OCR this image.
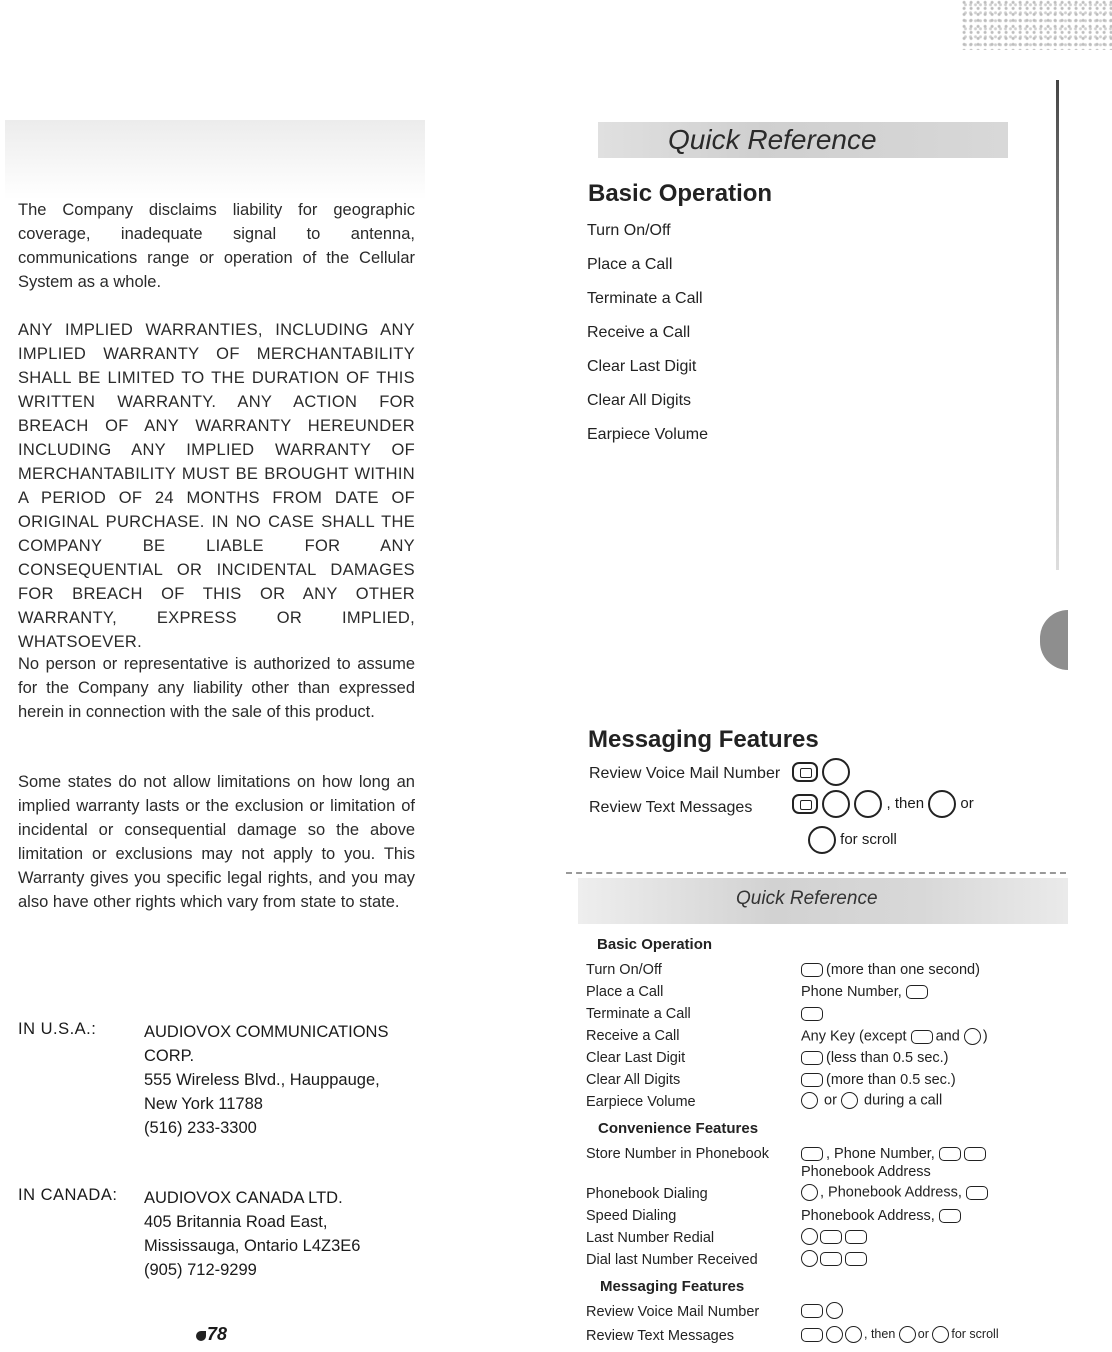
The Company disclaims liability for geographic coverage, inadequate signal to antenna, communications range or operation of the Cellular System as a whole.
ANY IMPLIED WARRANTIES, INCLUDING ANY IMPLIED WARRANTY OF MERCHANTABILITY SHALL BE LIMITED TO THE DURATION OF THIS WRITTEN WARRANTY. ANY ACTION FOR BREACH OF ANY WARRANTY HEREUNDER INCLUDING ANY IMPLIED WARRANTY OF MERCHANTABILITY MUST BE BROUGHT WITHIN A PERIOD OF 24 MONTHS FROM DATE OF ORIGINAL PURCHASE. IN NO CASE SHALL THE COMPANY BE LIABLE FOR ANY CONSEQUENTIAL OR INCIDENTAL DAMAGES FOR BREACH OF THIS OR ANY OTHER WARRANTY, EXPRESS OR IMPLIED, WHATSOEVER.
No person or representative is authorized to assume for the Company any liability other than expressed herein in connection with the sale of this product.
Some states do not allow limitations on how long an implied warranty lasts or the exclusion or limitation of incidental or consequential damage so the above limitation or exclusions may not apply to you. This Warranty gives you specific legal rights, and you may also have other rights which vary from state to state.
IN U.S.A.:	AUDIOVOX COMMUNICATIONS
CORP.
555 Wireless Blvd., Hauppauge,
New York 11788
(516) 233-3300
IN CANADA: AUDIOVOX CANADA LTD.
405 Britannia Road East,
Mississauga, Ontario L4Z3E6
(905) 712-9299
78
Quick Reference
Basic Operation
Turn On/Off
Place a Call
Terminate a Call
Receive a Call
Clear Last Digit
Clear All Digits
Earpiece Volume
Messaging Features
Review Voice Mail Number

Review Text Messages	, then or
for scroll
Quick Reference
Basic Operation
Turn On/Off	(more than one second)
Place a Call	Phone Number,
Terminate a Call
Receive a Call	Any Key (except and )
Clear Last Digit	(less than 0.5 sec.)
Clear All Digits	(more than 0.5 sec.)
Earpiece Volume	or during a call
Convenience Features
Store Number in Phonebook	, Phone Number,
Phonebook Address
Phonebook Dialing	, Phonebook Address,
Speed Dialing	Phonebook Address,
Last Number Redial
Dial last Number Received
Messaging Features
Review Voice Mail Number
Review Text Messages	, then or for scroll
